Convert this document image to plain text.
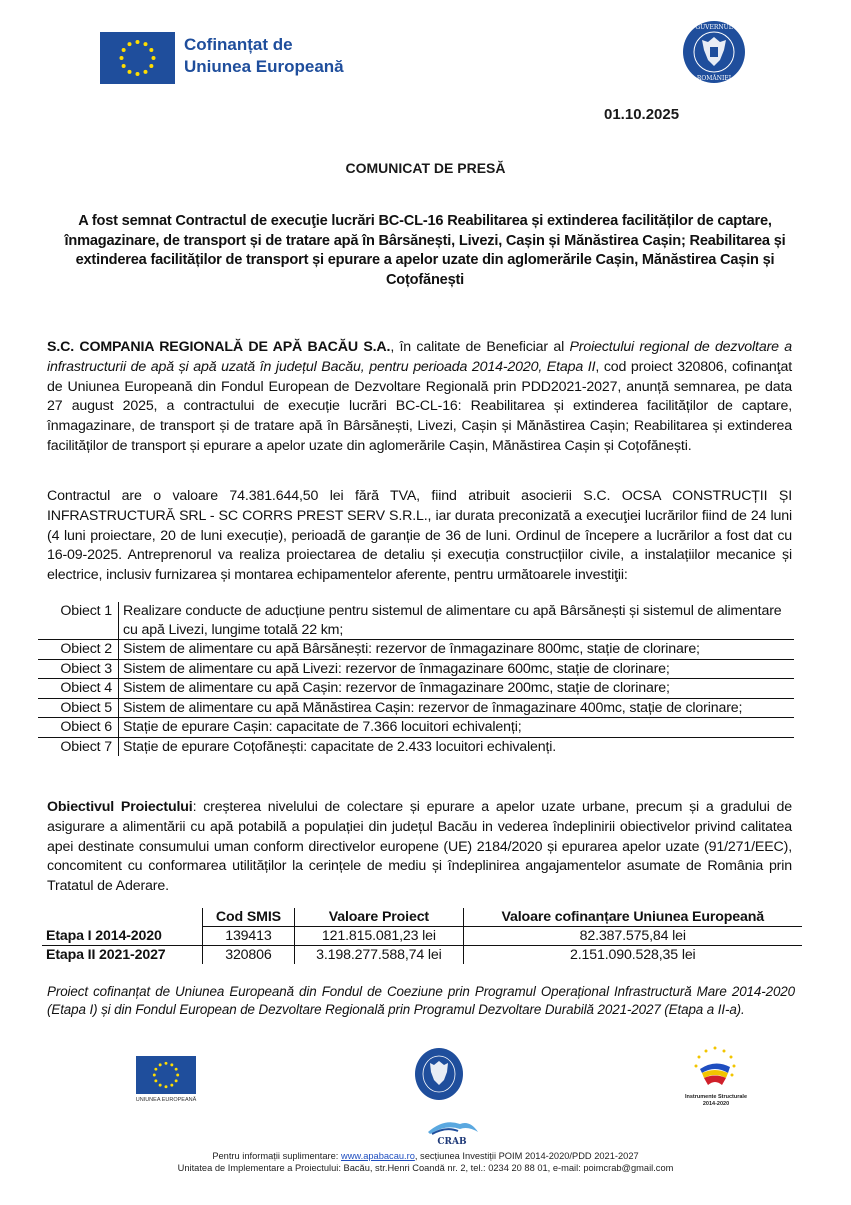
Cofinanțat de
Uniunea Europeană
GUVERNUL
ROMÂNIEI
01.10.2025
COMUNICAT DE PRESĂ
A fost semnat Contractul de execuţie lucrări BC-CL-16 Reabilitarea și extinderea facilităților de captare, înmagazinare, de transport și de tratare apă în Bârsănești, Livezi, Cașin și Mănăstirea Cașin; Reabilitarea și extinderea facilităților de transport și epurare a apelor uzate din aglomerările Cașin, Mănăstirea Cașin și Coțofănești
S.C. COMPANIA REGIONALĂ DE APĂ BACĂU S.A., în calitate de Beneficiar al Proiectului regional de dezvoltare a infrastructurii de apă și apă uzată în județul Bacău, pentru perioada 2014-2020, Etapa II, cod proiect 320806, cofinanţat de Uniunea Europeană din Fondul European de Dezvoltare Regională prin PDD2021-2027, anunță semnarea, pe data 27 august 2025, a contractului de execuție lucrări BC-CL-16: Reabilitarea și extinderea facilităților de captare, înmagazinare, de transport și de tratare apă în Bârsănești, Livezi, Cașin și Mănăstirea Cașin; Reabilitarea și extinderea facilităților de transport și epurare a apelor uzate din aglomerările Cașin, Mănăstirea Cașin și Coțofănești.
Contractul are o valoare 74.381.644,50 lei fără TVA, fiind atribuit asocierii S.C. OCSA CONSTRUCȚII ȘI INFRASTRUCTURĂ SRL - SC CORRS PREST SERV S.R.L., iar durata preconizată a execuţiei lucrărilor fiind de 24 luni (4 luni proiectare, 20 de luni execuție), perioadă de garanție de 36 de luni. Ordinul de începere a lucrărilor a fost dat cu 16-09-2025. Antreprenorul va realiza proiectarea de detaliu și execuția construcțiilor civile, a instalațiilor mecanice și electrice, inclusiv furnizarea și montarea echipamentelor aferente, pentru următoarele investiţii:
Obiect 1	Realizare conducte de aducțiune pentru sistemul de alimentare cu apă Bârsănești și sistemul de alimentare cu apă Livezi, lungime totală 22 km;
Obiect 2	Sistem de alimentare cu apă Bârsănești: rezervor de înmagazinare 800mc, stație de clorinare;
Obiect 3	Sistem de alimentare cu apă Livezi: rezervor de înmagazinare 600mc, stație de clorinare;
Obiect 4	Sistem de alimentare cu apă Cașin: rezervor de înmagazinare 200mc, stație de clorinare;
Obiect 5	Sistem de alimentare cu apă Mănăstirea Cașin: rezervor de înmagazinare 400mc, stație de clorinare;
Obiect 6	Stație de epurare Cașin: capacitate de 7.366 locuitori echivalenți;
Obiect 7	Stație de epurare Coțofănești: capacitate de 2.433 locuitori echivalenți.
Obiectivul Proiectului: creșterea nivelului de colectare și epurare a apelor uzate urbane, precum și a gradului de asigurare a alimentării cu apă potabilă a populației din județul Bacău in vederea îndeplinirii obiectivelor privind calitatea apei destinate consumului uman conform directivelor europene (UE) 2184/2020 și epurarea apelor uzate (91/271/EEC), concomitent cu conformarea utilităților la cerințele de mediu și îndeplinirea angajamentelor asumate de România prin Tratatul de Aderare.
	Cod SMIS	Valoare Proiect	Valoare cofinanțare Uniunea Europeană
Etapa I 2014-2020	139413	121.815.081,23 lei	82.387.575,84 lei
Etapa II 2021-2027	320806	3.198.277.588,74 lei	2.151.090.528,35 lei
Proiect cofinanțat de Uniunea Europeană din Fondul de Coeziune prin Programul Operațional Infrastructură Mare 2014-2020 (Etapa I) și din Fondul European de Dezvoltare Regională prin Programul Dezvoltare Durabilă 2021-2027 (Etapa a II-a).
UNIUNEA EUROPEANĂ	Instrumente Structurale
2014-2020
CRAB
Pentru informații suplimentare: www.apabacau.ro, secțiunea Investiții POIM 2014-2020/PDD 2021-2027
Unitatea de Implementare a Proiectului: Bacău, str.Henri Coandă nr. 2, tel.: 0234 20 88 01, e-mail: poimcrab@gmail.com
